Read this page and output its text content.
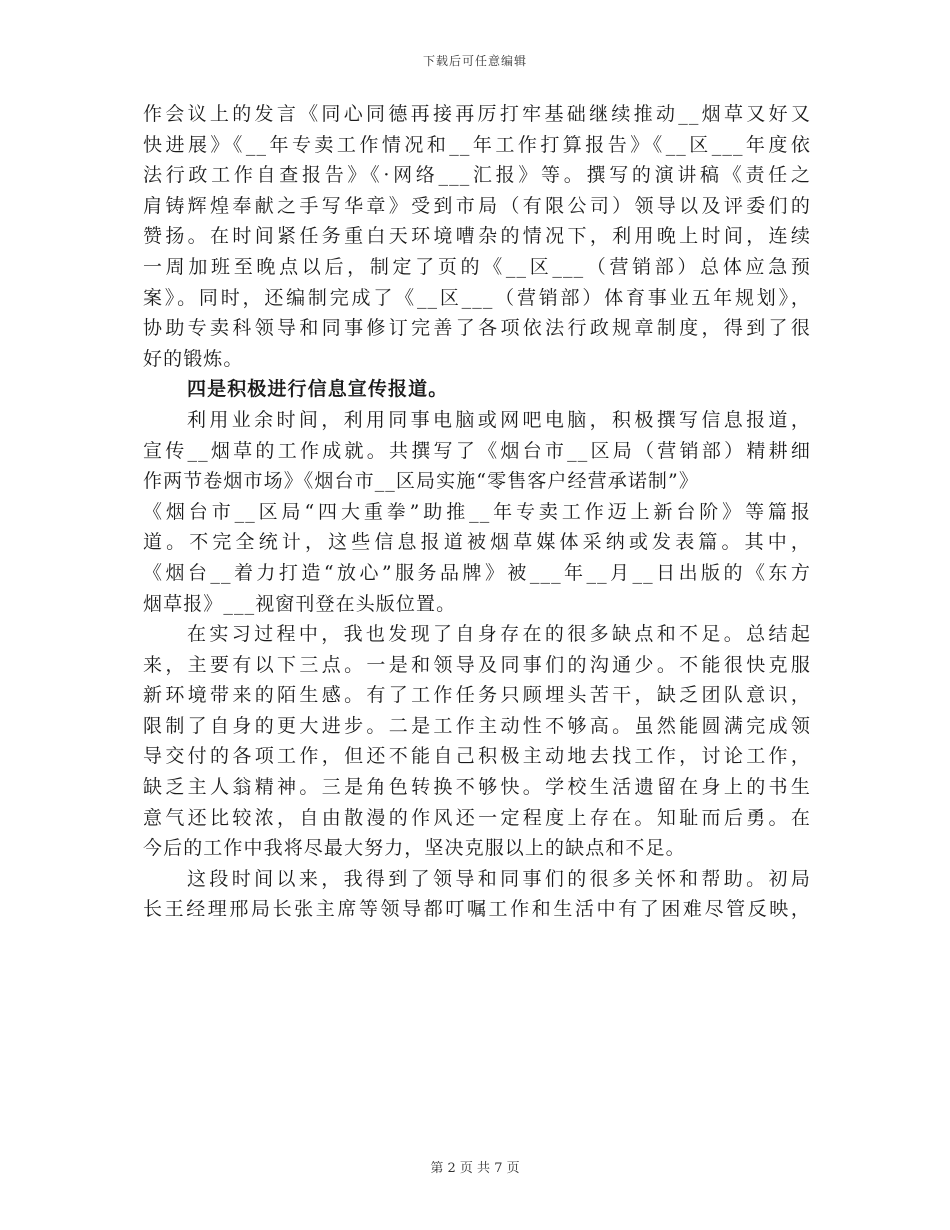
下载后可任意编辑
作会议上的发言《同心同德再接再厉打牢基础继续推动__烟草又好又
快进展》《__年专卖工作情况和__年工作打算报告》《__区___年度依
法行政工作自查报告》《·网络___汇报》等。撰写的演讲稿《责任之
肩铸辉煌奉献之手写华章》受到市局（有限公司）领导以及评委们的
赞扬。在时间紧任务重白天环境嘈杂的情况下，利用晚上时间，连续
一周加班至晚点以后，制定了页的《__区___（营销部）总体应急预
案》。同时，还编制完成了《__区___（营销部）体育事业五年规划》，
协助专卖科领导和同事修订完善了各项依法行政规章制度，得到了很
好的锻炼。
四是积极进行信息宣传报道。
利用业余时间，利用同事电脑或网吧电脑，积极撰写信息报道，
宣传__烟草的工作成就。共撰写了《烟台市__区局（营销部）精耕细
作两节卷烟市场》《烟台市__区局实施“零售客户经营承诺制”》
《烟台市__区局“四大重拳”助推__年专卖工作迈上新台阶》等篇报
道。不完全统计，这些信息报道被烟草媒体采纳或发表篇。其中，
《烟台__着力打造“放心”服务品牌》被___年__月__日出版的《东方
烟草报》___视窗刊登在头版位置。
在实习过程中，我也发现了自身存在的很多缺点和不足。总结起
来，主要有以下三点。一是和领导及同事们的沟通少。不能很快克服
新环境带来的陌生感。有了工作任务只顾埋头苦干，缺乏团队意识，
限制了自身的更大进步。二是工作主动性不够高。虽然能圆满完成领
导交付的各项工作，但还不能自己积极主动地去找工作，讨论工作，
缺乏主人翁精神。三是角色转换不够快。学校生活遗留在身上的书生
意气还比较浓，自由散漫的作风还一定程度上存在。知耻而后勇。在
今后的工作中我将尽最大努力，坚决克服以上的缺点和不足。
这段时间以来，我得到了领导和同事们的很多关怀和帮助。初局
长王经理邢局长张主席等领导都叮嘱工作和生活中有了困难尽管反映，
第 2 页 共 7 页
